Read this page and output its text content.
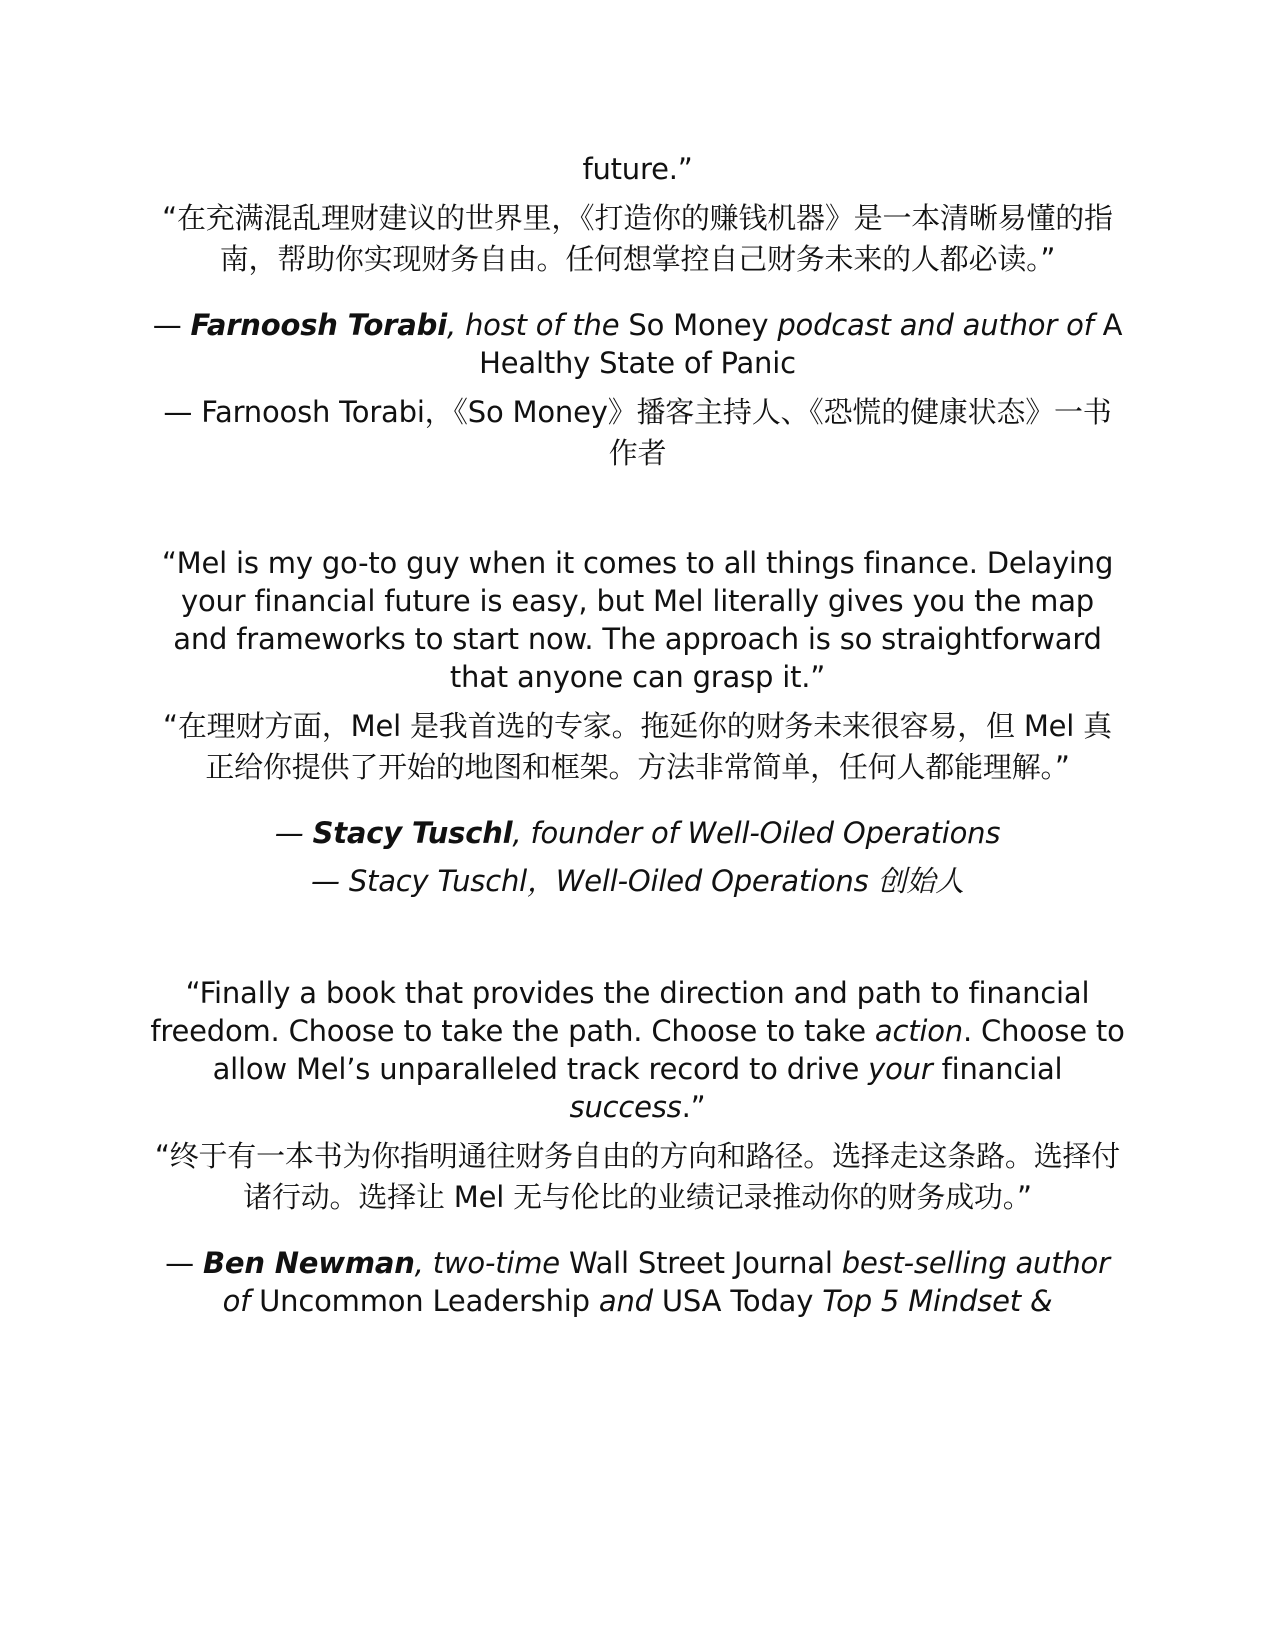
future.”

“在充满混乱理财建议的世界里，《打造你的赚钱机器》是一本清晰易懂的指南，帮助你实现财务自由。任何想掌控自己财务未来的人都必读。”

— Farnoosh Torabi, host of the So Money podcast and author of A Healthy State of Panic

— Farnoosh Torabi，《So Money》播客主持人、《恐慌的健康状态》一书作者

“Mel is my go-to guy when it comes to all things finance. Delaying your financial future is easy, but Mel literally gives you the map and frameworks to start now. The approach is so straightforward that anyone can grasp it.”

“在理财方面，Mel 是我首选的专家。拖延你的财务未来很容易，但 Mel 真正给你提供了开始的地图和框架。方法非常简单，任何人都能理解。”

— Stacy Tuschl, founder of Well-Oiled Operations

— Stacy Tuschl，Well-Oiled Operations 创始人

“Finally a book that provides the direction and path to financial freedom. Choose to take the path. Choose to take action. Choose to allow Mel’s unparalleled track record to drive your financial success.”

“终于有一本书为你指明通往财务自由的方向和路径。选择走这条路。选择付诸行动。选择让 Mel 无与伦比的业绩记录推动你的财务成功。”

— Ben Newman, two-time Wall Street Journal best-selling author of Uncommon Leadership and USA Today Top 5 Mindset &
